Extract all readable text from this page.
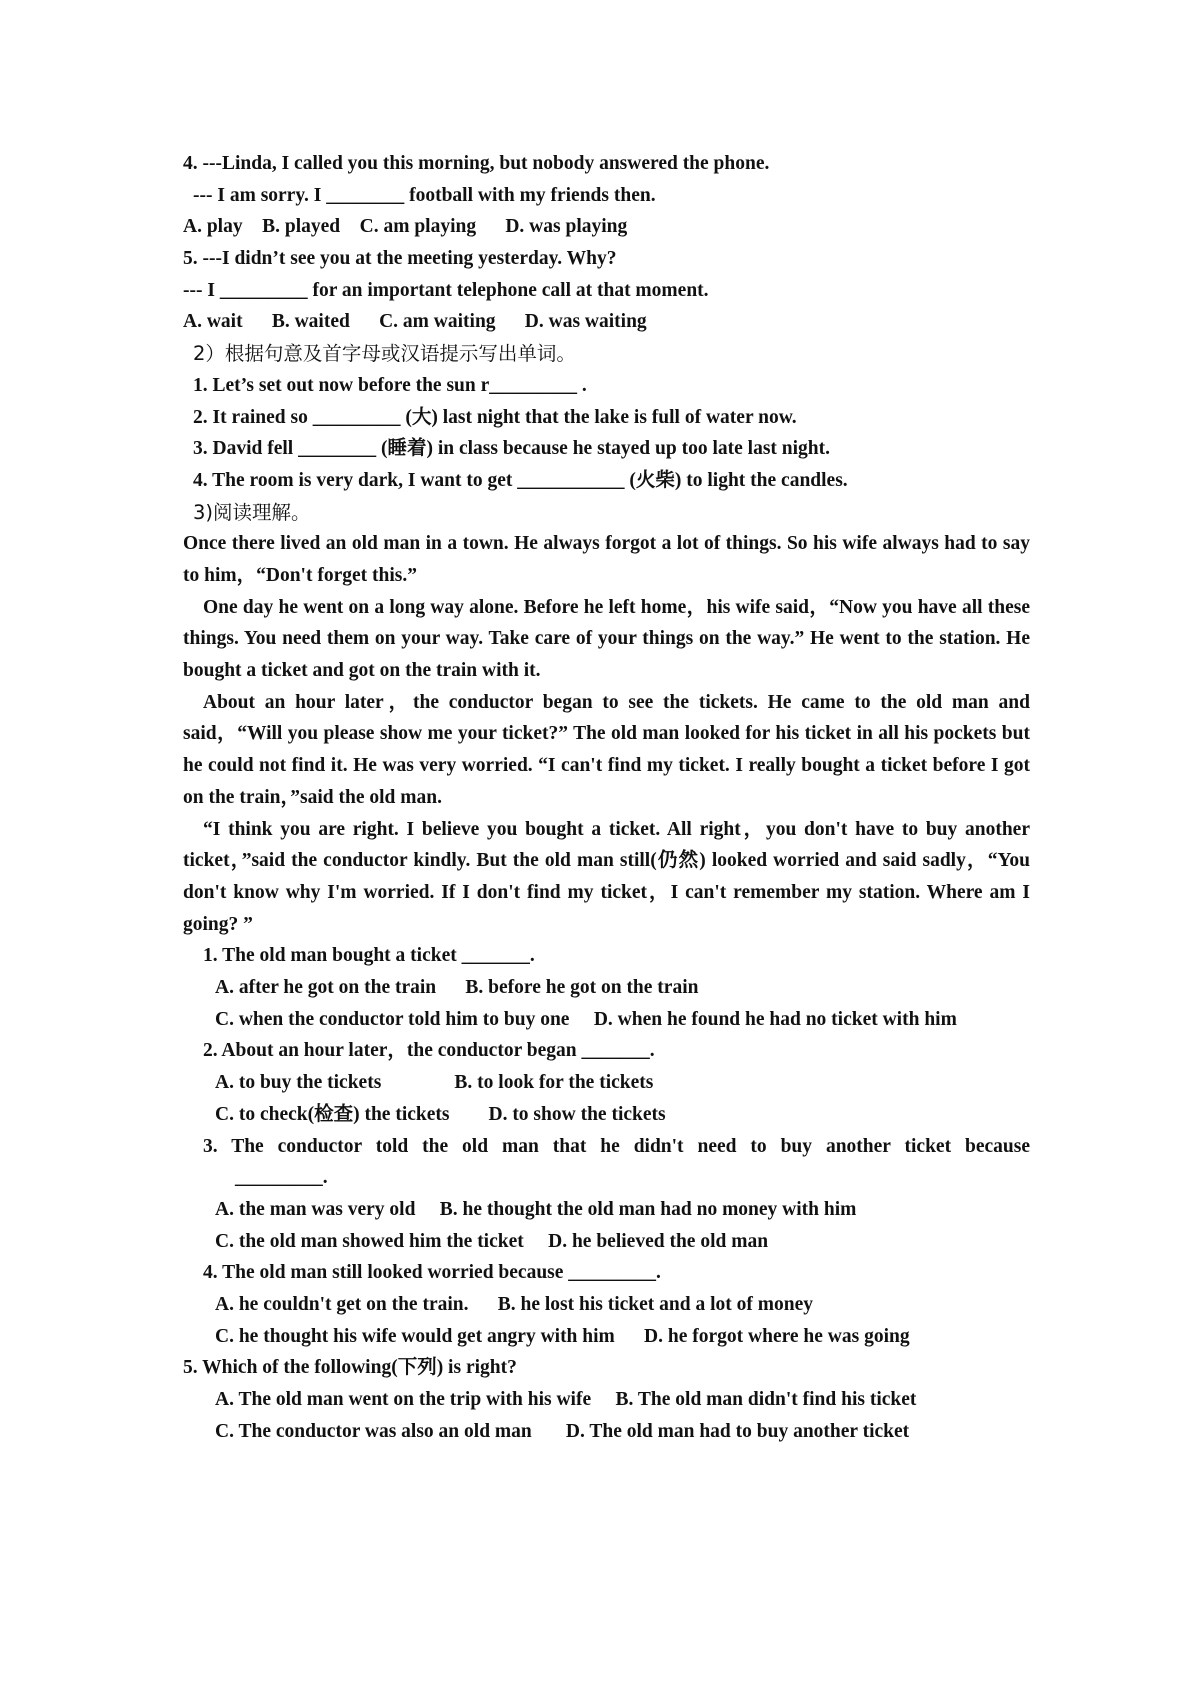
4. ---Linda, I called you this morning, but nobody answered the phone.
--- I am sorry. I ________ football with my friends then.
A. play    B. played    C. am playing      D. was playing
5. ---I didn’t see you at the meeting yesterday. Why?
--- I _________ for an important telephone call at that moment.
A. wait      B. waited      C. am waiting      D. was waiting
2）根据句意及首字母或汉语提示写出单词。
1. Let’s set out now before the sun r_________ .
2. It rained so _________ (大) last night that the lake is full of water now.
3. David fell ________ (睡着) in class because he stayed up too late last night.
4. The room is very dark, I want to get ___________ (火柴) to light the candles.
3)阅读理解。
Once there lived an old man in a town. He always forgot a lot of things. So his wife always had to say to him，“Don't forget this.”
One day he went on a long way alone. Before he left home，his wife said，“Now you have all these things. You need them on your way. Take care of your things on the way.” He went to the station. He bought a ticket and got on the train with it.
About an hour later，the conductor began to see the tickets. He came to the old man and said，“Will you please show me your ticket?” The old man looked for his ticket in all his pockets but he could not find it. He was very worried. “I can't find my ticket. I really bought a ticket before I got on the train，”said the old man.
“I think you are right. I believe you bought a ticket. All right，you don't have to buy another ticket，”said the conductor kindly. But the old man still(仍然) looked worried and said sadly，“You don't know why I'm worried. If I don't find my ticket，I can't remember my station. Where am I going? ”
1. The old man bought a ticket _______.
A. after he got on the train      B. before he got on the train
C. when the conductor told him to buy one     D. when he found he had no ticket with him
2. About an hour later，the conductor began _______.
A. to buy the tickets               B. to look for the tickets
C. to check(检查) the tickets        D. to show the tickets
3. The conductor told the old man that he didn't need to buy another ticket because
_________.
A. the man was very old     B. he thought the old man had no money with him
C. the old man showed him the ticket     D. he believed the old man
4. The old man still looked worried because _________.
A. he couldn't get on the train.      B. he lost his ticket and a lot of money
C. he thought his wife would get angry with him      D. he forgot where he was going
5. Which of the following(下列) is right?
A. The old man went on the trip with his wife     B. The old man didn't find his ticket
C. The conductor was also an old man       D. The old man had to buy another ticket
